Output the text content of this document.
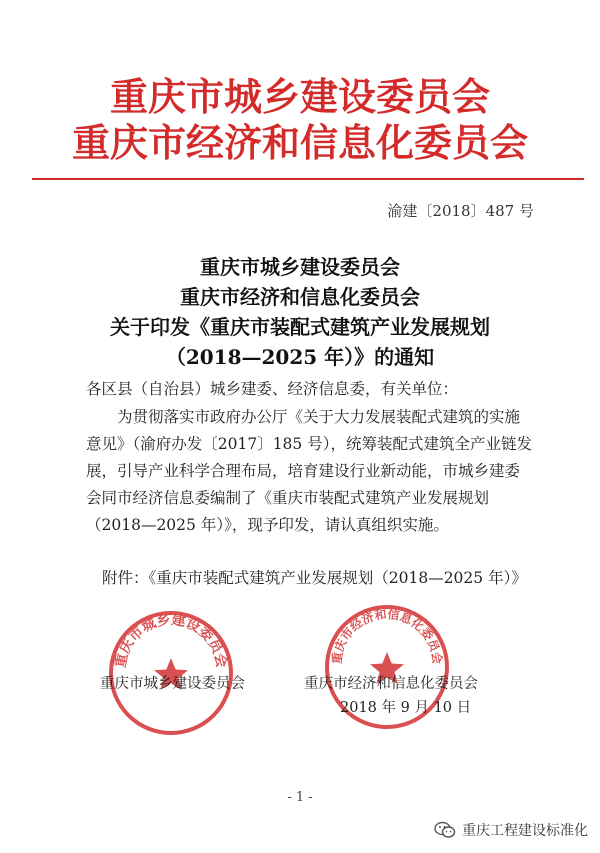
重庆市城乡建设委员会
重庆市经济和信息化委员会
渝建〔2018〕487 号
重庆市城乡建设委员会
重庆市经济和信息化委员会
关于印发《重庆市装配式建筑产业发展规划
（2018—2025 年）》的通知
各区县（自治县）城乡建委、经济信息委，有关单位：
为贯彻落实市政府办公厅《关于大力发展装配式建筑的实施意见》（渝府办发〔2017〕185 号），统筹装配式建筑全产业链发展，引导产业科学合理布局，培育建设行业新动能，市城乡建委会同市经济信息委编制了《重庆市装配式建筑产业发展规划（2018—2025 年）》，现予印发，请认真组织实施。
附件：《重庆市装配式建筑产业发展规划（2018—2025 年）》
重庆市城乡建设委员会	重庆市经济和信息化委员会
重庆市城乡建设委员会	重庆市经济和信息化委员会
2018 年 9 月 10 日
- 1 -
重庆工程建设标准化
